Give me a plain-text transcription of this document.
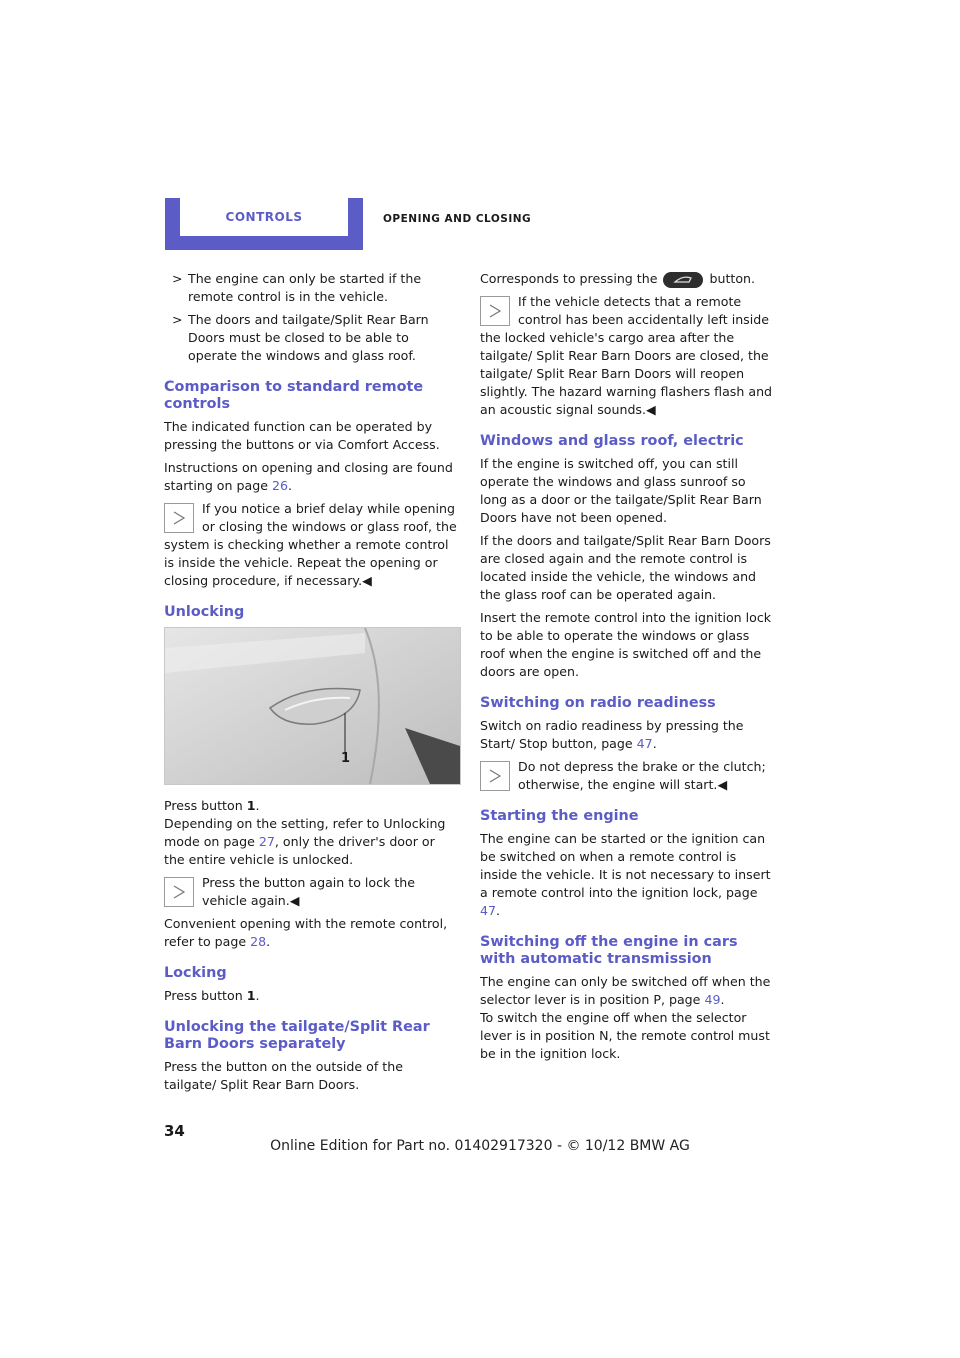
CONTROLS	OPENING AND CLOSING
> The engine can only be started if the remote control is in the vehicle.
> The doors and tailgate/Split Rear Barn Doors must be closed to be able to operate the windows and glass roof.
Comparison to standard remote controls

The indicated function can be operated by pressing the buttons or via Comfort Access.

Instructions on opening and closing are found starting on page 26.

If you notice a brief delay while opening or closing the windows or glass roof, the system is checking whether a remote control is inside the vehicle. Repeat the opening or closing procedure, if necessary.◀
Unlocking
1

Press button 1.

Depending on the setting, refer to Unlocking mode on page 27, only the driver's door or the entire vehicle is unlocked.

Press the button again to lock the vehicle again.◀

Convenient opening with the remote control, refer to page 28.

Locking

Press button 1.

Unlocking the tailgate/Split Rear Barn Doors separately

Press the button on the outside of the tailgate/ Split Rear Barn Doors.

Corresponds to pressing the	button.

If the vehicle detects that a remote control has been accidentally left inside the locked vehicle's cargo area after the tailgate/ Split Rear Barn Doors are closed, the tailgate/ Split Rear Barn Doors will reopen slightly. The hazard warning flashers flash and an acoustic signal sounds.◀
Windows and glass roof, electric

If the engine is switched off, you can still operate the windows and glass sunroof so long as a door or the tailgate/Split Rear Barn Doors have not been opened.

If the doors and tailgate/Split Rear Barn Doors are closed again and the remote control is located inside the vehicle, the windows and the glass roof can be operated again.

Insert the remote control into the ignition lock to be able to operate the windows or glass roof when the engine is switched off and the doors are open.

Switching on radio readiness

Switch on radio readiness by pressing the Start/ Stop button, page 47.

Do not depress the brake or the clutch; otherwise, the engine will start.◀
Starting the engine

The engine can be started or the ignition can be switched on when a remote control is inside the vehicle. It is not necessary to insert a remote control into the ignition lock, page 47.

Switching off the engine in cars with automatic transmission

The engine can only be switched off when the selector lever is in position P, page 49.

To switch the engine off when the selector lever is in position N, the remote control must be in the ignition lock.

34
Online Edition for Part no. 01402917320 - © 10/12 BMW AG
